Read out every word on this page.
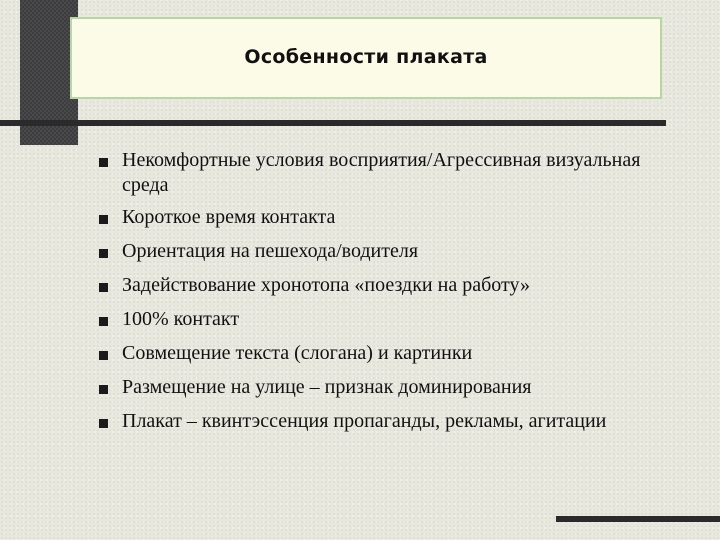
Особенности плаката
Некомфортные условия восприятия/Агрессивная визуальная среда
Короткое время контакта
Ориентация на пешехода/водителя
Задействование хронотопа «поездки на работу»
100% контакт
Совмещение текста (слогана) и картинки
Размещение на улице – признак доминирования
Плакат – квинтэссенция пропаганды, рекламы, агитации
